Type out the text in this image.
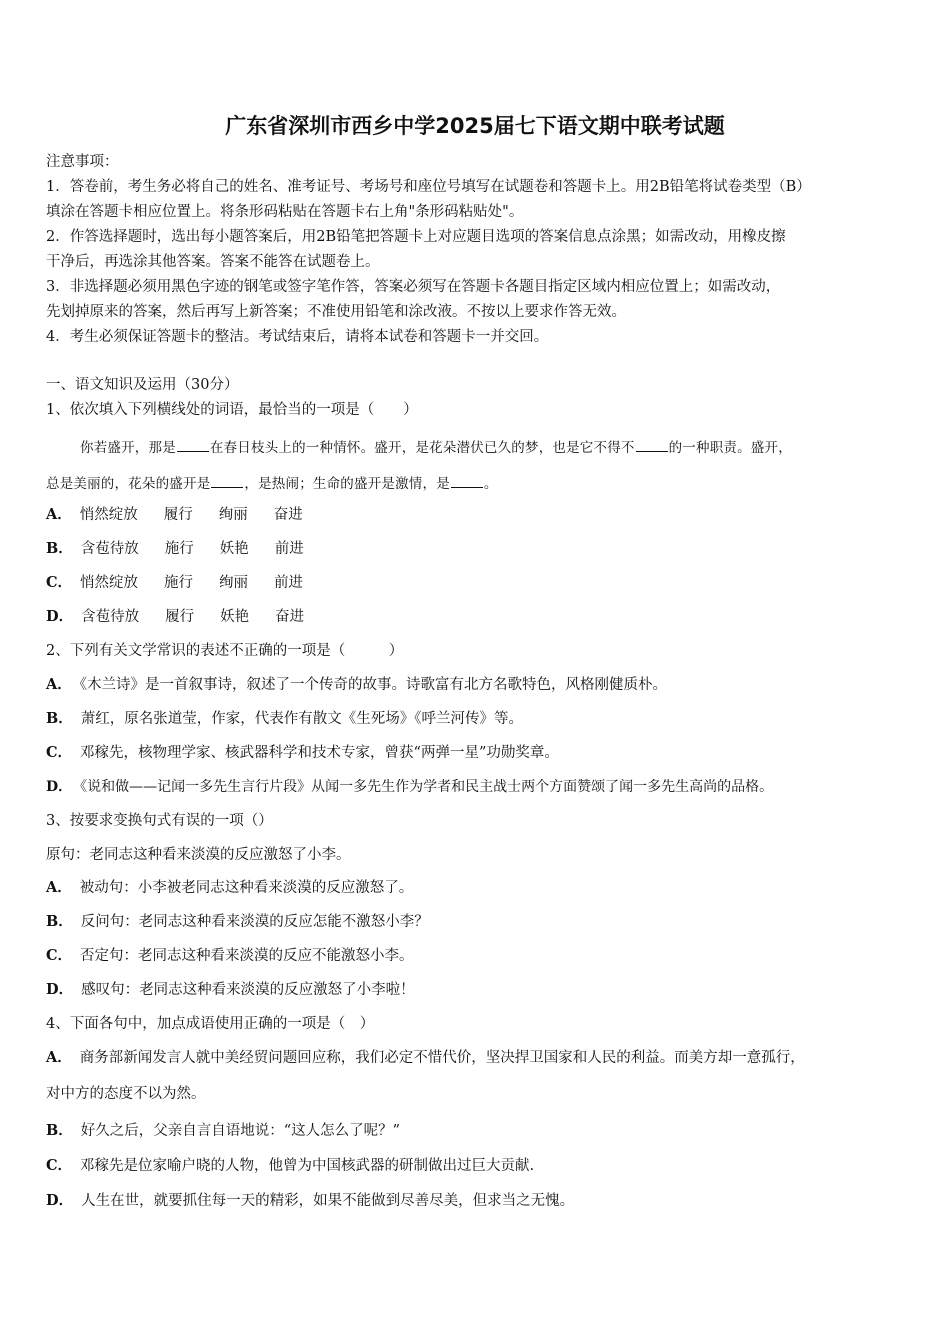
广东省深圳市西乡中学2025届七下语文期中联考试题
注意事项：
1．答卷前，考生务必将自己的姓名、准考证号、考场号和座位号填写在试题卷和答题卡上。用2B铅笔将试卷类型（B）
填涂在答题卡相应位置上。将条形码粘贴在答题卡右上角"条形码粘贴处"。
2．作答选择题时，选出每小题答案后，用2B铅笔把答题卡上对应题目选项的答案信息点涂黑；如需改动，用橡皮擦
干净后，再选涂其他答案。答案不能答在试题卷上。
3．非选择题必须用黑色字迹的钢笔或签字笔作答，答案必须写在答题卡各题目指定区域内相应位置上；如需改动，
先划掉原来的答案，然后再写上新答案；不准使用铅笔和涂改液。不按以上要求作答无效。
4．考生必须保证答题卡的整洁。考试结束后，请将本试卷和答题卡一并交回。
一、语文知识及运用（30分）
1、依次填入下列横线处的词语，最恰当的一项是（　　）
你若盛开，那是	在春日枝头上的一种情怀。盛开，是花朵潜伏已久的梦，也是它不得不	的一种职责。盛开，
总是美丽的，花朵的盛开是	，是热闹；生命的盛开是激情，是	。
A． 悄然绽放 履行 绚丽 奋进
B． 含苞待放 施行 妖艳 前进
C． 悄然绽放 施行 绚丽 前进
D． 含苞待放 履行 妖艳 奋进
2、下列有关文学常识的表述不正确的一项是（　　　）
A． 《木兰诗》是一首叙事诗，叙述了一个传奇的故事。诗歌富有北方名歌特色，风格刚健质朴。
B． 萧红，原名张道莹，作家，代表作有散文《生死场》《呼兰河传》等。
C． 邓稼先，核物理学家、核武器科学和技术专家，曾获“两弹一星”功勋奖章。
D． 《说和做——记闻一多先生言行片段》从闻一多先生作为学者和民主战士两个方面赞颂了闻一多先生高尚的品格。
3、按要求变换句式有误的一项（）
原句：老同志这种看来淡漠的反应激怒了小李。
A． 被动句：小李被老同志这种看来淡漠的反应激怒了。
B． 反问句：老同志这种看来淡漠的反应怎能不激怒小李？
C． 否定句：老同志这种看来淡漠的反应不能激怒小李。
D． 感叹句：老同志这种看来淡漠的反应激怒了小李啦！
4、下面各句中，加点成语使用正确的一项是（　）
A． 商务部新闻发言人就中美经贸问题回应称，我们必定不惜代价，坚决捍卫国家和人民的利益。而美方却一意孤行，
对中方的态度不以为然。
B． 好久之后，父亲自言自语地说：“这人怎么了呢？”
C． 邓稼先是位家喻户晓的人物，他曾为中国核武器的研制做出过巨大贡献.
D． 人生在世，就要抓住每一天的精彩，如果不能做到尽善尽美，但求当之无愧。
